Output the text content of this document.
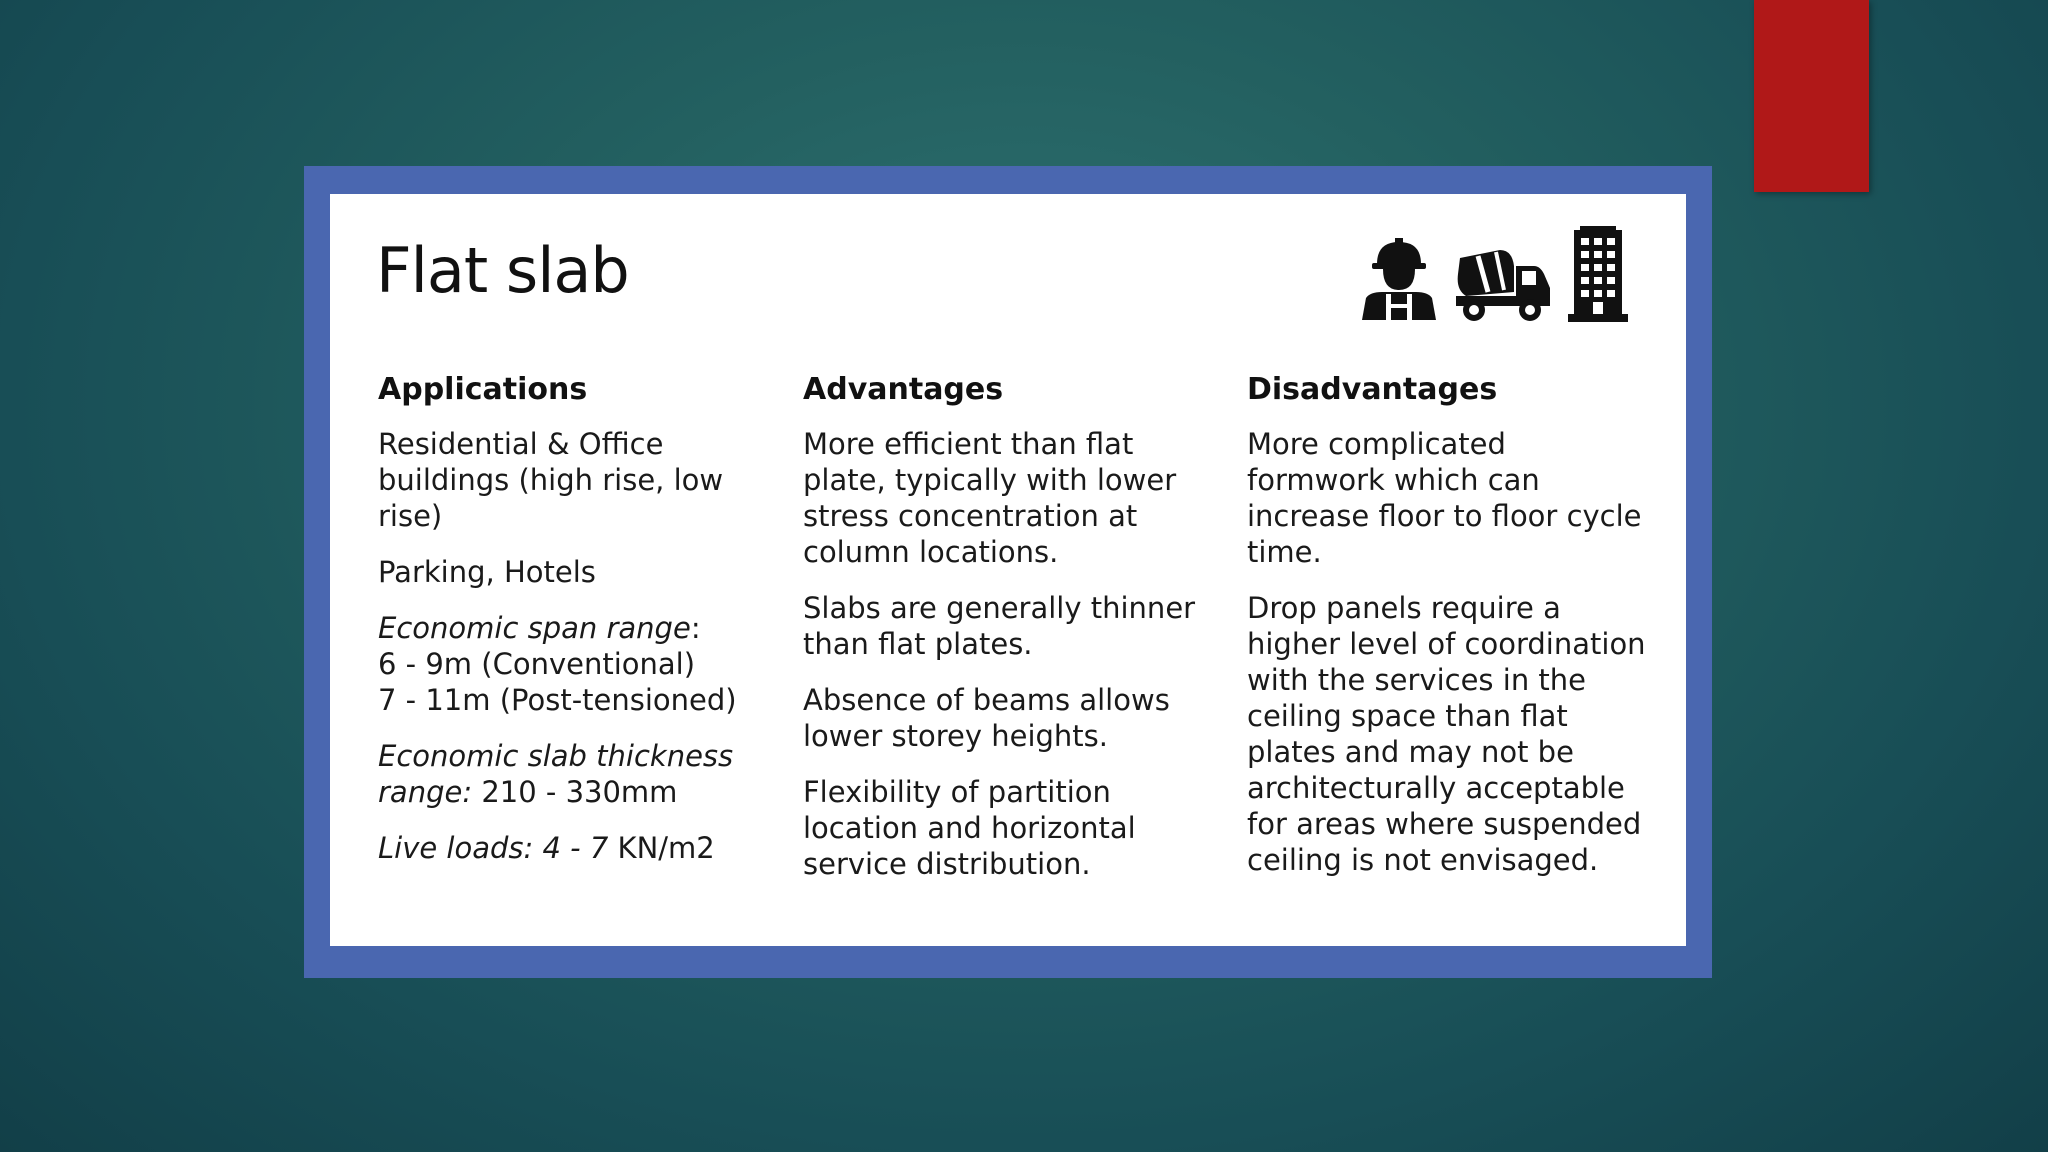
Flat slab
Applications

Residential & Office buildings (high rise, low rise)

Parking, Hotels

Economic span range:
6 - 9m (Conventional)
7 - 11m (Post-tensioned)

Economic slab thickness range: 210 - 330mm

Live loads: 4 - 7 KN/m2

Advantages

More efficient than flat plate, typically with lower stress concentration at column locations.

Slabs are generally thinner than flat plates.

Absence of beams allows lower storey heights.

Flexibility of partition location and horizontal service distribution.

Disadvantages

More complicated formwork which can increase floor to floor cycle time.

Drop panels require a higher level of coordination with the services in the ceiling space than flat plates and may not be architecturally acceptable for areas where suspended ceiling is not envisaged.
